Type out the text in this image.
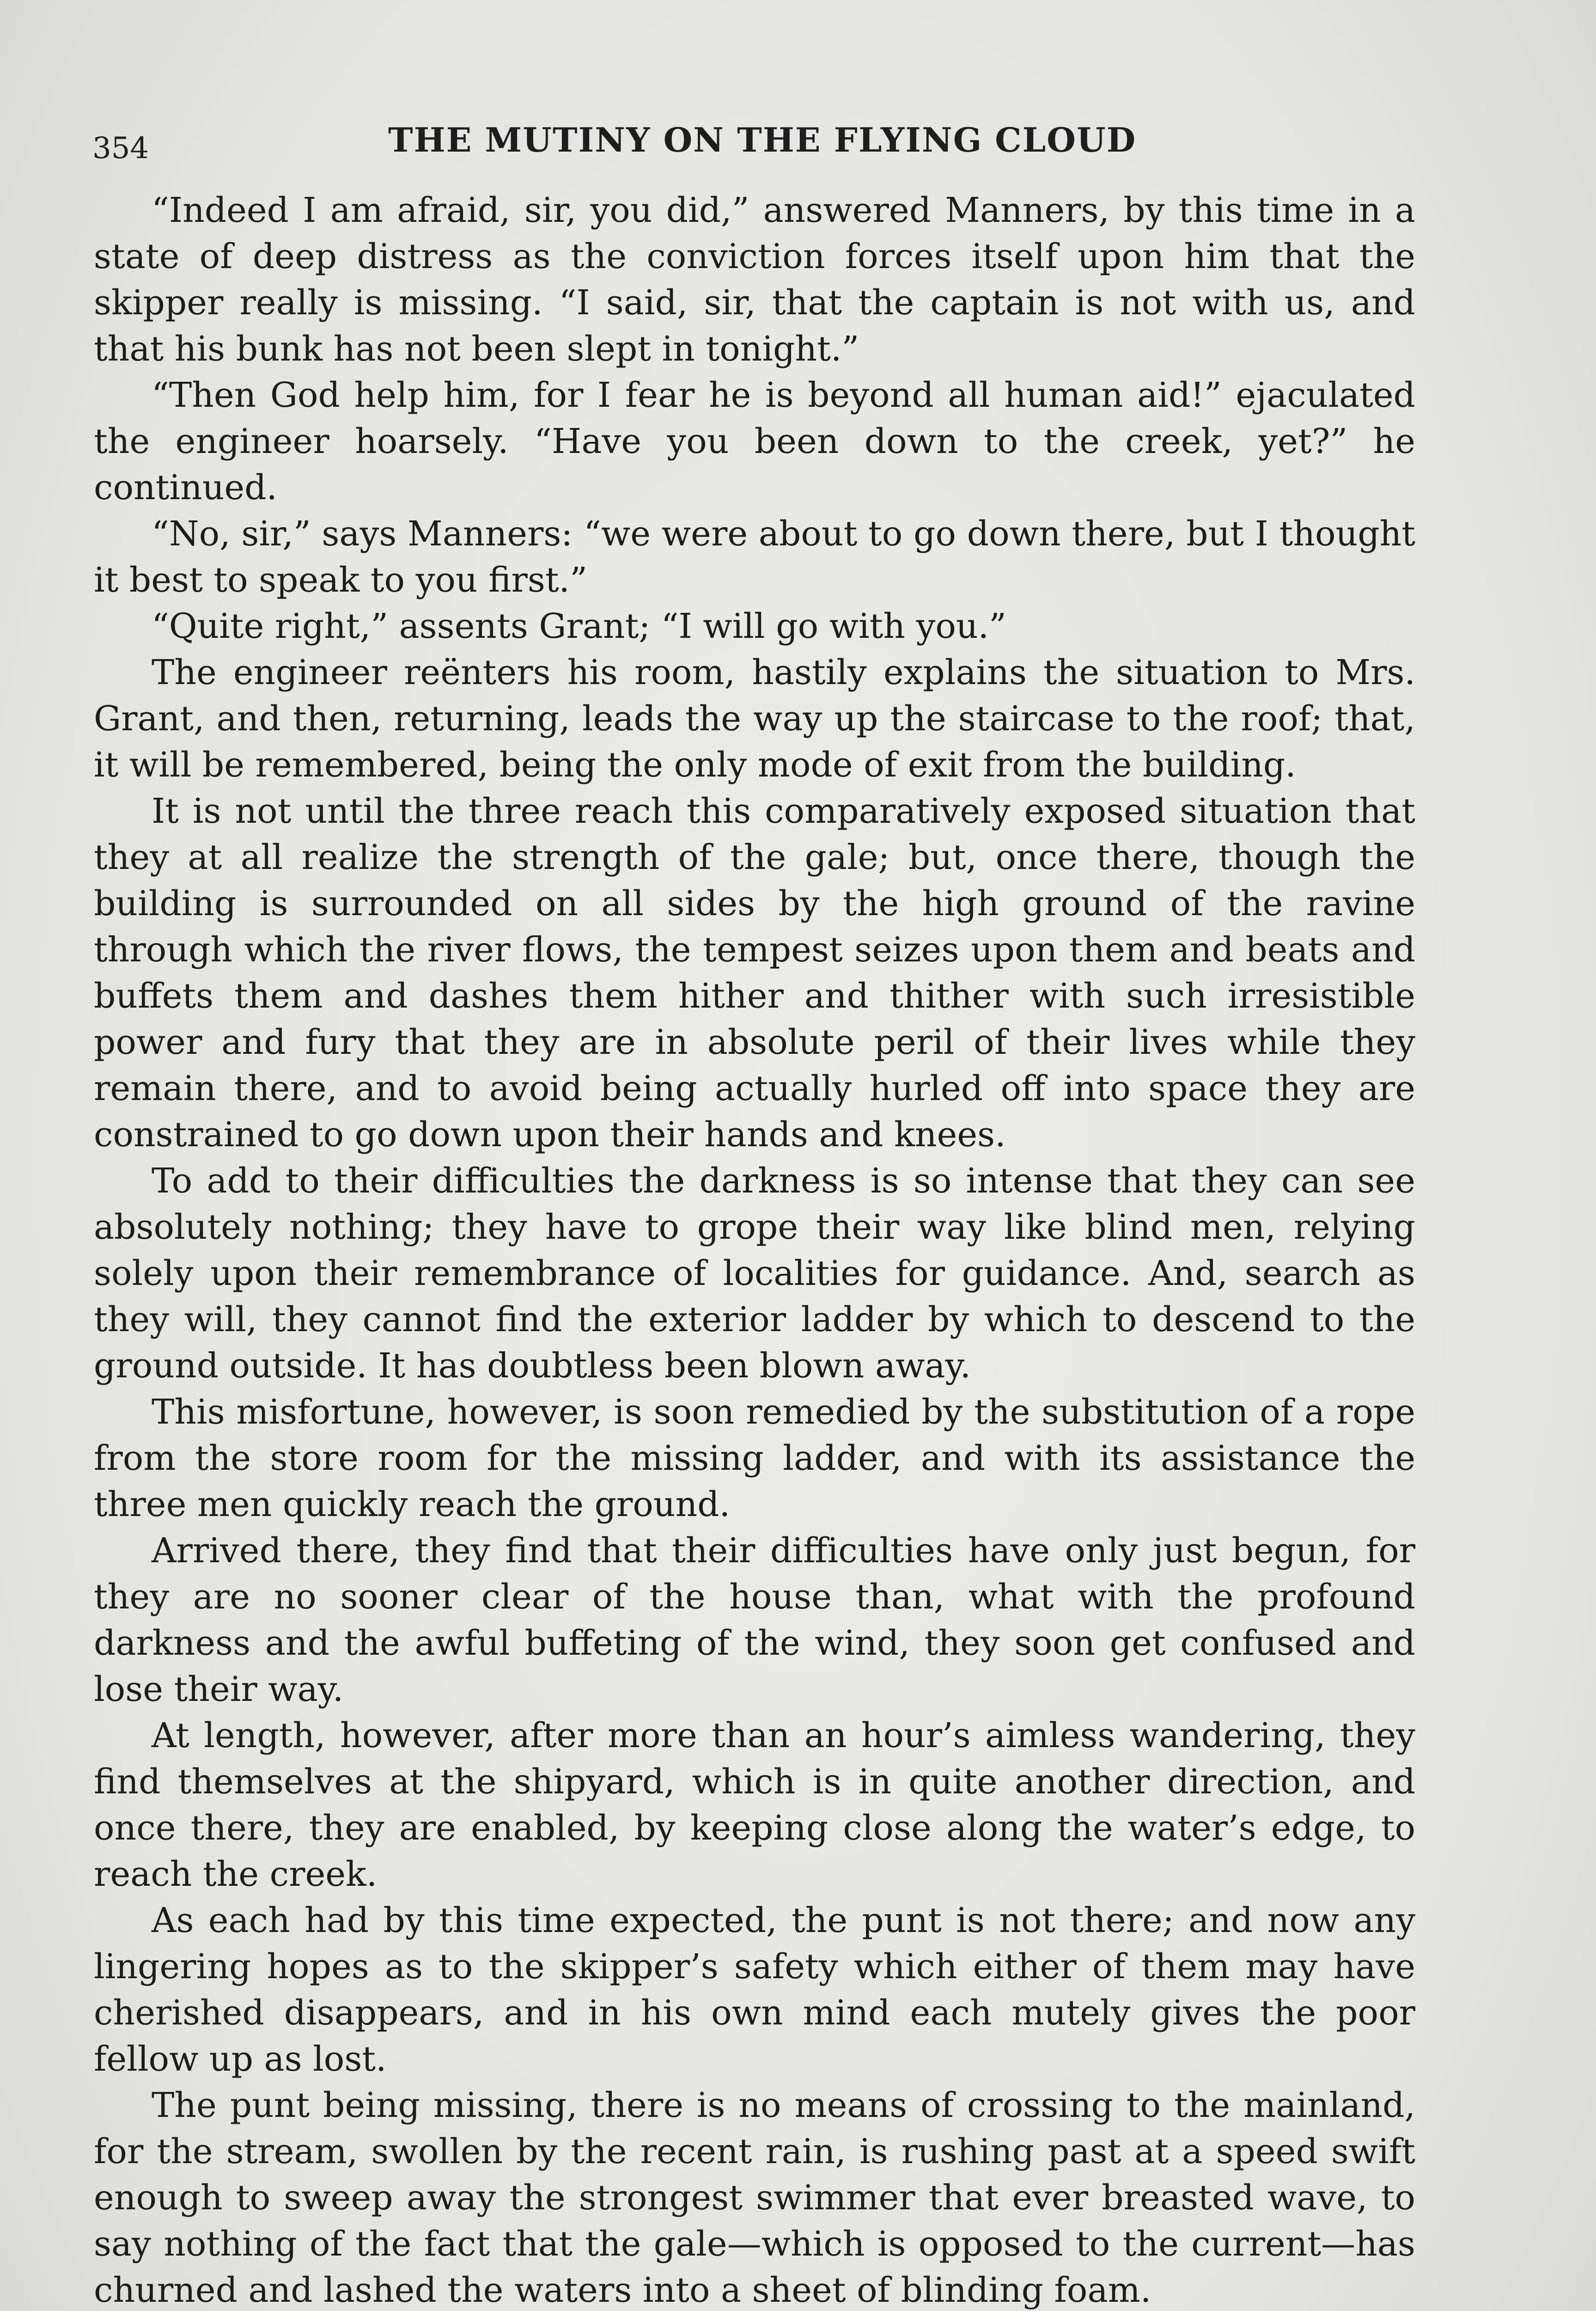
354	THE MUTINY ON THE FLYING CLOUD

“Indeed I am afraid, sir, you did,” answered Manners, by this time in a state of deep distress as the conviction forces itself upon him that the skipper really is missing. “I said, sir, that the captain is not with us, and that his bunk has not been slept in tonight.”

“Then God help him, for I fear he is beyond all human aid!” ejaculated the engineer hoarsely. “Have you been down to the creek, yet?” he continued.

“No, sir,” says Manners: “we were about to go down there, but I thought it best to speak to you first.”

“Quite right,” assents Grant; “I will go with you.”

The engineer reënters his room, hastily explains the situation to Mrs. Grant, and then, returning, leads the way up the staircase to the roof; that, it will be remembered, being the only mode of exit from the building.

It is not until the three reach this comparatively exposed situation that they at all realize the strength of the gale; but, once there, though the building is surrounded on all sides by the high ground of the ravine through which the river flows, the tempest seizes upon them and beats and buffets them and dashes them hither and thither with such irresistible power and fury that they are in absolute peril of their lives while they remain there, and to avoid being actually hurled off into space they are constrained to go down upon their hands and knees.

To add to their difficulties the darkness is so intense that they can see absolutely nothing; they have to grope their way like blind men, relying solely upon their remembrance of localities for guidance. And, search as they will, they cannot find the exterior ladder by which to descend to the ground outside. It has doubtless been blown away.

This misfortune, however, is soon remedied by the substitution of a rope from the store room for the missing ladder, and with its assistance the three men quickly reach the ground.

Arrived there, they find that their difficulties have only just begun, for they are no sooner clear of the house than, what with the profound darkness and the awful buffeting of the wind, they soon get confused and lose their way.

At length, however, after more than an hour’s aimless wandering, they find themselves at the shipyard, which is in quite another direction, and once there, they are enabled, by keeping close along the water’s edge, to reach the creek.

As each had by this time expected, the punt is not there; and now any lingering hopes as to the skipper’s safety which either of them may have cherished disappears, and in his own mind each mutely gives the poor fellow up as lost.

The punt being missing, there is no means of crossing to the mainland, for the stream, swollen by the recent rain, is rushing past at a speed swift enough to sweep away the strongest swimmer that ever breasted wave, to say nothing of the fact that the gale—which is opposed to the current—has churned and lashed the waters into a sheet of blinding foam.
